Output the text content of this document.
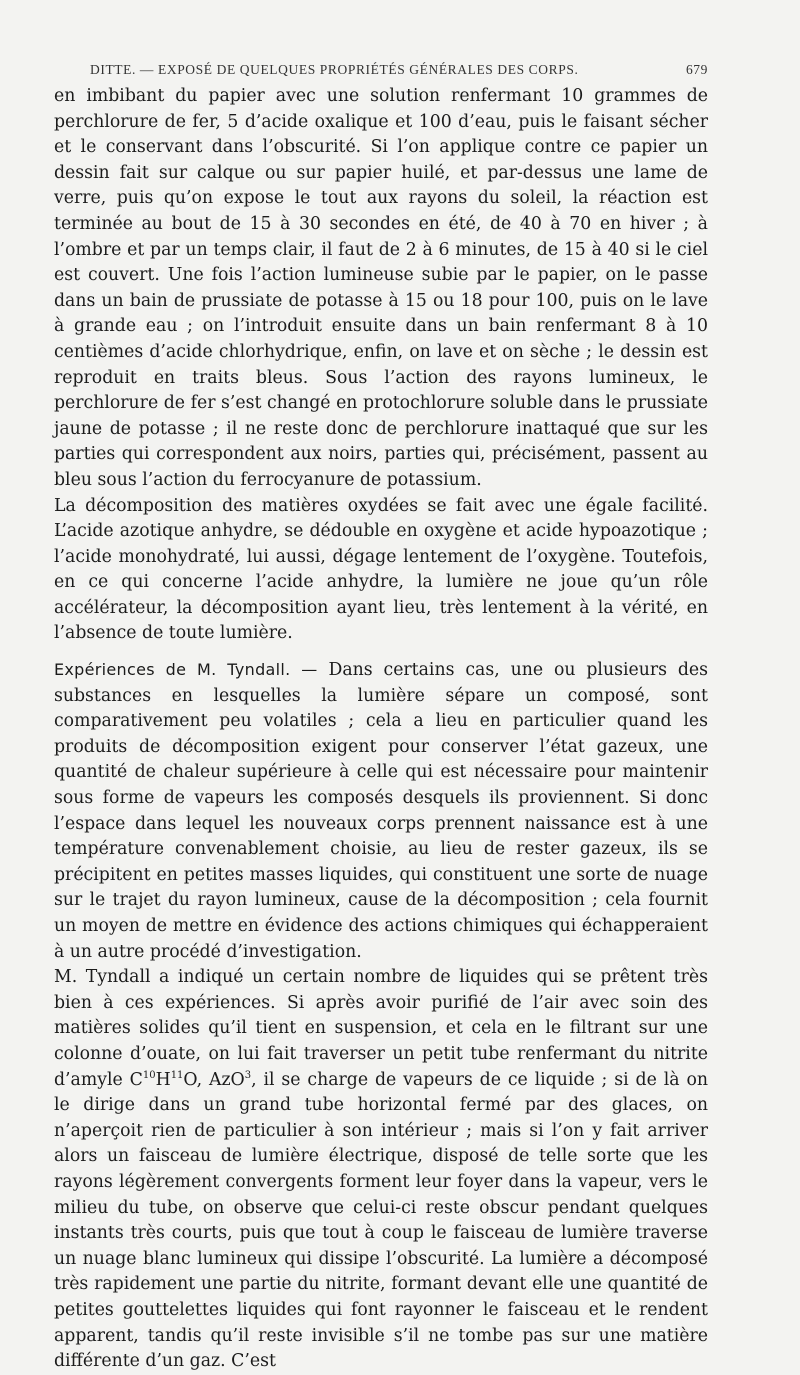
DITTE. — EXPOSÉ DE QUELQUES PROPRIÉTÉS GÉNÉRALES DES CORPS.	679

en imbibant du papier avec une solution renfermant 10 grammes de perchlorure de fer, 5 d’acide oxalique et 100 d’eau, puis le faisant sécher et le conservant dans l’obscurité. Si l’on applique contre ce papier un dessin fait sur calque ou sur papier huilé, et par-dessus une lame de verre, puis qu’on expose le tout aux rayons du soleil, la réaction est terminée au bout de 15 à 30 secondes en été, de 40 à 70 en hiver ; à l’ombre et par un temps clair, il faut de 2 à 6 minutes, de 15 à 40 si le ciel est couvert. Une fois l’action lumineuse subie par le papier, on le passe dans un bain de prussiate de potasse à 15 ou 18 pour 100, puis on le lave à grande eau ; on l’introduit ensuite dans un bain renfermant 8 à 10 centièmes d’acide chlorhydrique, enfin, on lave et on sèche ; le dessin est reproduit en traits bleus. Sous l’action des rayons lumineux, le perchlorure de fer s’est changé en protochlorure soluble dans le prussiate jaune de potasse ; il ne reste donc de perchlorure inattaqué que sur les parties qui correspondent aux noirs, parties qui, précisément, passent au bleu sous l’action du ferrocyanure de potassium.

La décomposition des matières oxydées se fait avec une égale facilité. L’acide azotique anhydre, se dédouble en oxygène et acide hypoazotique ; l’acide monohydraté, lui aussi, dégage lentement de l’oxygène. Toutefois, en ce qui concerne l’acide anhydre, la lumière ne joue qu’un rôle accélérateur, la décomposition ayant lieu, très lentement à la vérité, en l’absence de toute lumière.

Expériences de M. Tyndall. — Dans certains cas, une ou plusieurs des substances en lesquelles la lumière sépare un composé, sont comparativement peu volatiles ; cela a lieu en particulier quand les produits de décomposition exigent pour conserver l’état gazeux, une quantité de chaleur supérieure à celle qui est nécessaire pour maintenir sous forme de vapeurs les composés desquels ils proviennent. Si donc l’espace dans lequel les nouveaux corps prennent naissance est à une température convenablement choisie, au lieu de rester gazeux, ils se précipitent en petites masses liquides, qui constituent une sorte de nuage sur le trajet du rayon lumineux, cause de la décomposition ; cela fournit un moyen de mettre en évidence des actions chimiques qui échapperaient à un autre procédé d’investigation.

M. Tyndall a indiqué un certain nombre de liquides qui se prêtent très bien à ces expériences. Si après avoir purifié de l’air avec soin des matières solides qu’il tient en suspension, et cela en le filtrant sur une colonne d’ouate, on lui fait traverser un petit tube renfermant du nitrite d’amyle $C^{10}H^{11}O$, AzO$^3$, il se charge de vapeurs de ce liquide ; si de là on le dirige dans un grand tube horizontal fermé par des glaces, on n’aperçoit rien de particulier à son intérieur ; mais si l’on y fait arriver alors un faisceau de lumière électrique, disposé de telle sorte que les rayons légèrement convergents forment leur foyer dans la vapeur, vers le milieu du tube, on observe que celui-ci reste obscur pendant quelques instants très courts, puis que tout à coup le faisceau de lumière traverse un nuage blanc lumineux qui dissipe l’obscurité. La lumière a décomposé très rapidement une partie du nitrite, formant devant elle une quantité de petites gouttelettes liquides qui font rayonner le faisceau et le rendent apparent, tandis qu’il reste invisible s’il ne tombe pas sur une matière différente d’un gaz. C’est
